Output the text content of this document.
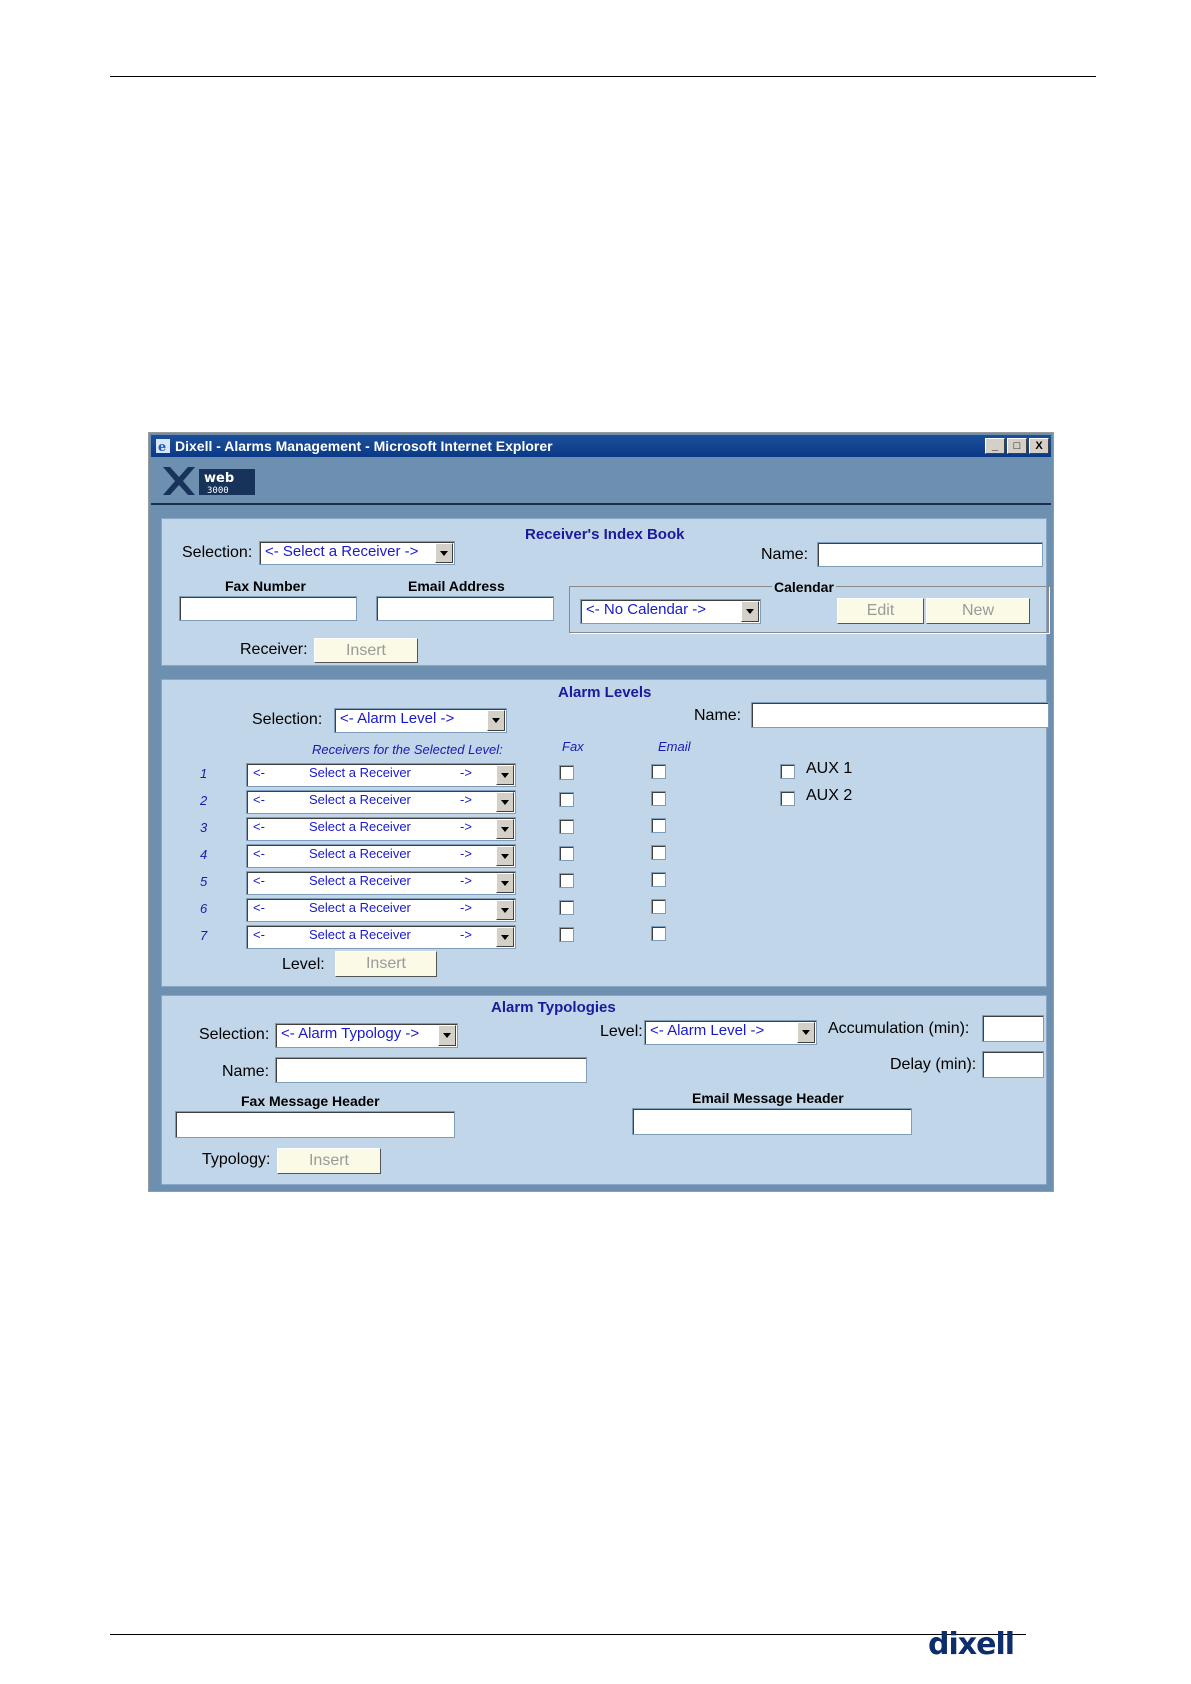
e Dixell - Alarms Management - Microsoft Internet Explorer	_	□	X
web
3000
Receiver's Index Book
Selection: <- Select a Receiver ->	Name:
Fax Number	Email Address	Calendar
<- No Calendar ->	Edit	New
Receiver:	Insert
Alarm Levels
Selection: <- Alarm Level ->	Name:
Receivers for the Selected Level:	Fax	Email
1	<-	Select a Receiver	->
2	<-	Select a Receiver	->
3	<-	Select a Receiver	->
4	<-	Select a Receiver	->
5	<-	Select a Receiver	->
6	<-	Select a Receiver	->
7	<-	Select a Receiver	->
AUX 1
AUX 2
Level:	Insert
Alarm Typologies
Selection: <- Alarm Typology ->	Level: <- Alarm Level ->	Accumulation (min):
Name:	Delay (min):
Fax Message Header	Email Message Header
Typology:	Insert
dixell
